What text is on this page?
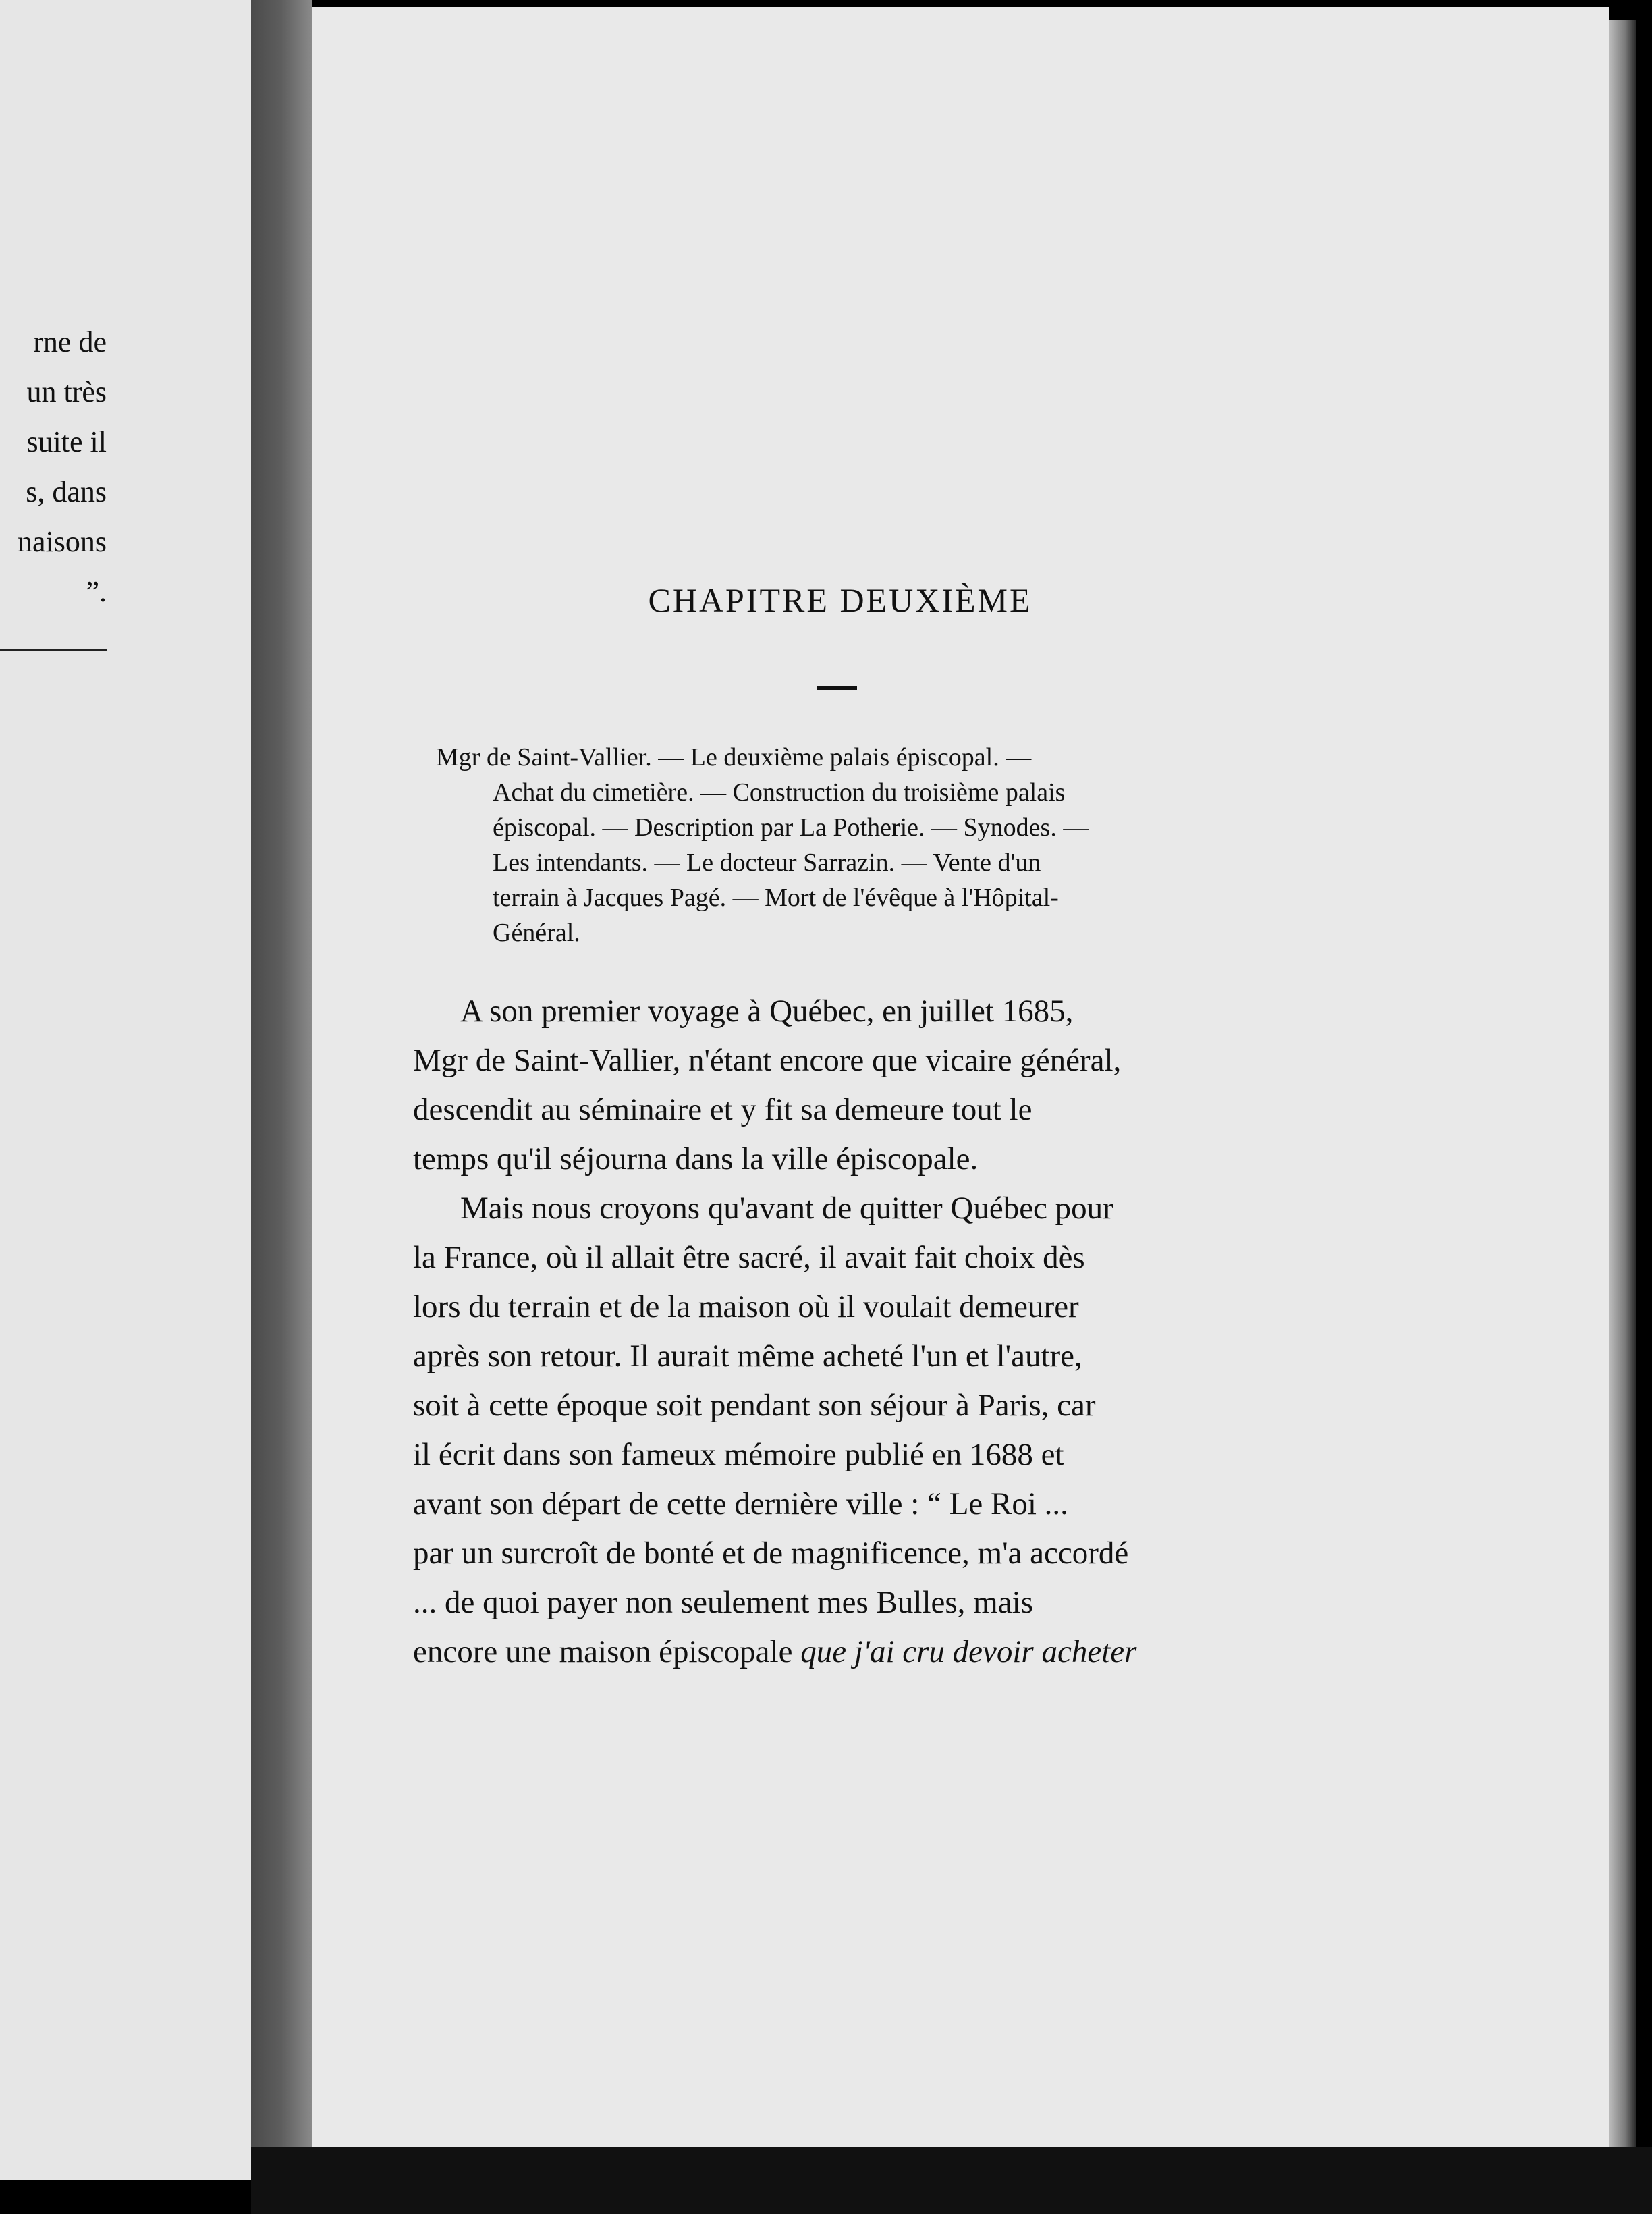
rne de
un très
suite il
s, dans
naisons
”.	CHAPITRE DEUXIÈME
Mgr de Saint-Vallier. — Le deuxième palais épiscopal. —
Achat du cimetière. — Construction du troisième palais
épiscopal. — Description par La Potherie. — Synodes. —
Les intendants. — Le docteur Sarrazin. — Vente d'un
terrain à Jacques Pagé. — Mort de l'évêque à l'Hôpital-
Général.
A son premier voyage à Québec, en juillet 1685,
Mgr de Saint-Vallier, n'étant encore que vicaire général,
descendit au séminaire et y fit sa demeure tout le
temps qu'il séjourna dans la ville épiscopale.
Mais nous croyons qu'avant de quitter Québec pour
la France, où il allait être sacré, il avait fait choix dès
lors du terrain et de la maison où il voulait demeurer
après son retour. Il aurait même acheté l'un et l'autre,
soit à cette époque soit pendant son séjour à Paris, car
il écrit dans son fameux mémoire publié en 1688 et
avant son départ de cette dernière ville : “ Le Roi ...
par un surcroît de bonté et de magnificence, m'a accordé
... de quoi payer non seulement mes Bulles, mais
encore une maison épiscopale que j'ai cru devoir acheter
